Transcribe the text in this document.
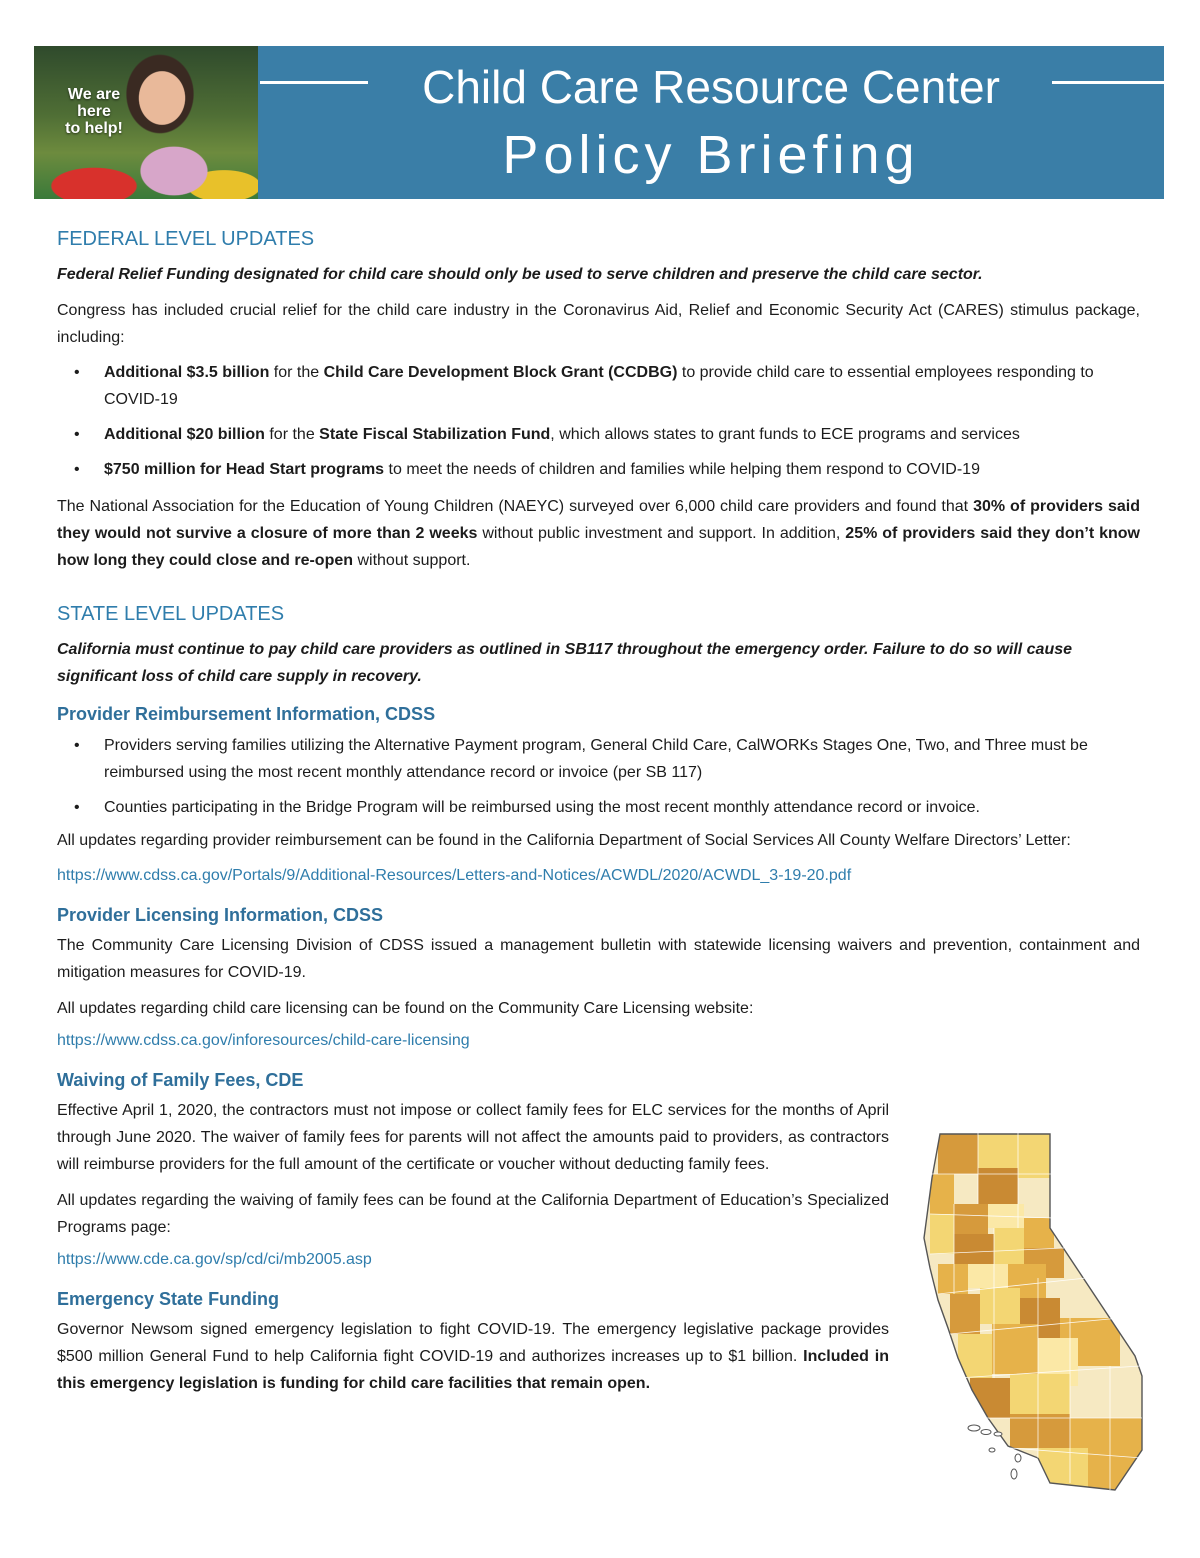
We are
here
to help!
Child Care Resource Center
Policy Briefing
FEDERAL LEVEL UPDATES

Federal Relief Funding designated for child care should only be used to serve children and preserve the child care sector.

Congress has included crucial relief for the child care industry in the Coronavirus Aid, Relief and Economic Security Act (CARES) stimulus package, including:

• Additional $3.5 billion for the Child Care Development Block Grant (CCDBG) to provide child care to essential employees responding to COVID-19
• Additional $20 billion for the State Fiscal Stabilization Fund, which allows states to grant funds to ECE programs and services
• $750 million for Head Start programs to meet the needs of children and families while helping them respond to COVID-19

The National Association for the Education of Young Children (NAEYC) surveyed over 6,000 child care providers and found that 30% of providers said they would not survive a closure of more than 2 weeks without public investment and support. In addition, 25% of providers said they don’t know how long they could close and re-open without support.

STATE LEVEL UPDATES

California must continue to pay child care providers as outlined in SB117 throughout the emergency order. Failure to do so will cause significant loss of child care supply in recovery.

Provider Reimbursement Information, CDSS
• Providers serving families utilizing the Alternative Payment program, General Child Care, CalWORKs Stages One, Two, and Three must be reimbursed using the most recent monthly attendance record or invoice (per SB 117)
• Counties participating in the Bridge Program will be reimbursed using the most recent monthly attendance record or invoice.

All updates regarding provider reimbursement can be found in the California Department of Social Services All County Welfare Directors’ Letter:

https://www.cdss.ca.gov/Portals/9/Additional-Resources/Letters-and-Notices/ACWDL/2020/ACWDL_3-19-20.pdf

Provider Licensing Information, CDSS

The Community Care Licensing Division of CDSS issued a management bulletin with statewide licensing waivers and prevention, containment and mitigation measures for COVID-19.

All updates regarding child care licensing can be found on the Community Care Licensing website:

https://www.cdss.ca.gov/inforesources/child-care-licensing

Waiving of Family Fees, CDE

Effective April 1, 2020, the contractors must not impose or collect family fees for ELC services for the months of April through June 2020. The waiver of family fees for parents will not affect the amounts paid to providers, as contractors will reimburse providers for the full amount of the certificate or voucher without deducting family fees.

All updates regarding the waiving of family fees can be found at the California Department of Education’s Specialized Programs page:

https://www.cde.ca.gov/sp/cd/ci/mb2005.asp

Emergency State Funding

Governor Newsom signed emergency legislation to fight COVID-19. The emergency legislative package provides $500 million General Fund to help California fight COVID-19 and authorizes increases up to $1 billion. Included in this emergency legislation is funding for child care facilities that remain open.
